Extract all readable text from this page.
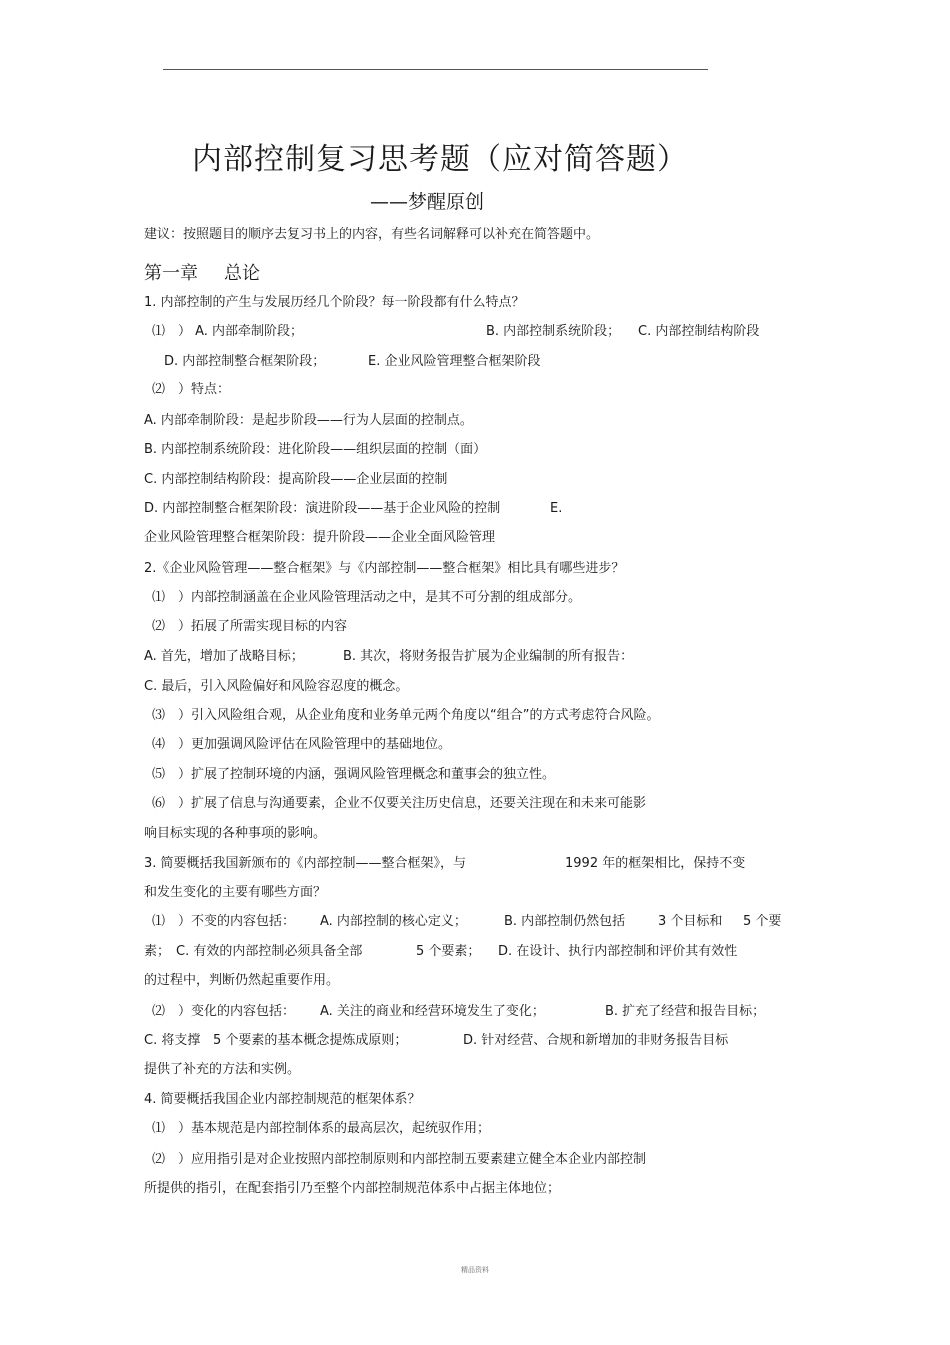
内部控制复习思考题（应对简答题）
——梦醒原创
建议：按照题目的顺序去复习书上的内容，有些名词解释可以补充在简答题中。
第一章 总论
1. 内部控制的产生与发展历经几个阶段？每一阶段都有什么特点？
⑴　） A. 内部牵制阶段；	B. 内部控制系统阶段； C. 内部控制结构阶段
D. 内部控制整合框架阶段；	E. 企业风险管理整合框架阶段
⑵　）特点：
A. 内部牵制阶段：是起步阶段——行为人层面的控制点。
B. 内部控制系统阶段：进化阶段——组织层面的控制（面）
C. 内部控制结构阶段：提高阶段——企业层面的控制
D. 内部控制整合框架阶段：演进阶段——基于企业风险的控制	E.
企业风险管理整合框架阶段：提升阶段——企业全面风险管理
2.《企业风险管理——整合框架》与《内部控制——整合框架》相比具有哪些进步？
⑴　）内部控制涵盖在企业风险管理活动之中，是其不可分割的组成部分。
⑵　）拓展了所需实现目标的内容
A. 首先，增加了战略目标；	B. 其次，将财务报告扩展为企业编制的所有报告：
C. 最后，引入风险偏好和风险容忍度的概念。
⑶　）引入风险组合观，从企业角度和业务单元两个角度以“组合”的方式考虑符合风险。
⑷　）更加强调风险评估在风险管理中的基础地位。
⑸　）扩展了控制环境的内涵，强调风险管理概念和董事会的独立性。
⑹　）扩展了信息与沟通要素，企业不仅要关注历史信息，还要关注现在和未来可能影
响目标实现的各种事项的影响。
3. 简要概括我国新颁布的《内部控制——整合框架》，与	1992 年的框架相比，保持不变
和发生变化的主要有哪些方面？
⑴　）不变的内容包括： A. 内部控制的核心定义；	B. 内部控制仍然包括	3 个目标和 5 个要
素； C. 有效的内部控制必须具备全部	5 个要素； D. 在设计、执行内部控制和评价其有效性
的过程中，判断仍然起重要作用。
⑵　）变化的内容包括： A. 关注的商业和经营环境发生了变化；	B. 扩充了经营和报告目标；
C. 将支撑 5 个要素的基本概念提炼成原则；	D. 针对经营、合规和新增加的非财务报告目标
提供了补充的方法和实例。
4. 简要概括我国企业内部控制规范的框架体系？
⑴　）基本规范是内部控制体系的最高层次，起统驭作用；
⑵　）应用指引是对企业按照内部控制原则和内部控制五要素建立健全本企业内部控制
所提供的指引，在配套指引乃至整个内部控制规范体系中占据主体地位；
精品资料
